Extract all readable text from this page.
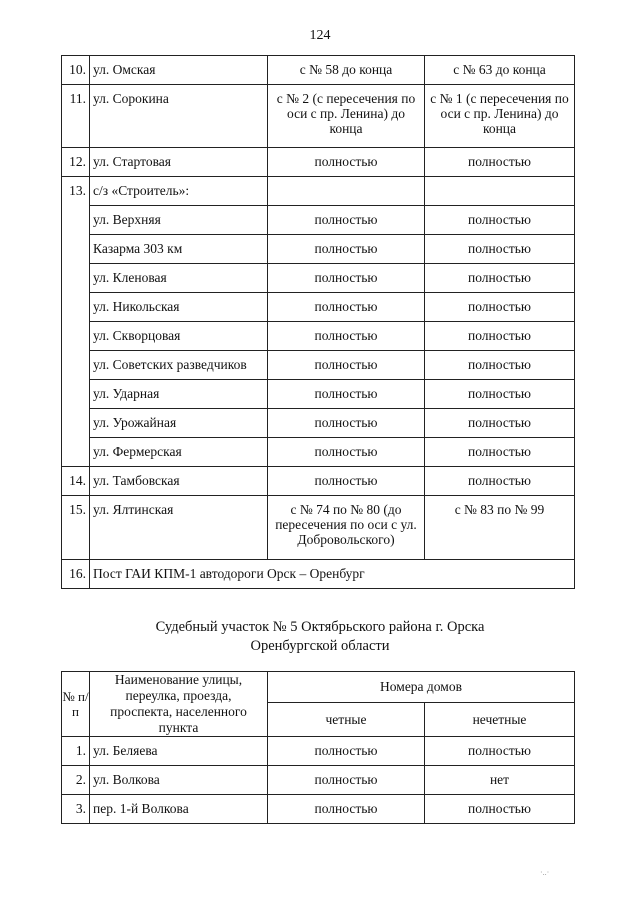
124
10.	ул. Омская	с № 58 до конца	с № 63 до конца
11.	ул. Сорокина	с № 2 (с пересечения по оси с пр. Ленина) до конца	с № 1 (с пересечения по оси с пр. Ленина) до конца
12.	ул. Стартовая	полностью	полностью
13.	с/з «Строитель»:		
	ул. Верхняя	полностью	полностью
	Казарма 303 км	полностью	полностью
	ул. Кленовая	полностью	полностью
	ул. Никольская	полностью	полностью
	ул. Скворцовая	полностью	полностью
	ул. Советских разведчиков	полностью	полностью
	ул. Ударная	полностью	полностью
	ул. Урожайная	полностью	полностью
	ул. Фермерская	полностью	полностью
14.	ул. Тамбовская	полностью	полностью
15.	ул. Ялтинская	с № 74 по № 80 (до пересечения по оси с ул. Добровольского)	с № 83 по № 99
16.	Пост ГАИ КПМ-1 автодороги Орск – Оренбург		
Судебный участок № 5 Октябрьского района г. Орска
Оренбургской области
№ п/п	Наименование улицы, переулка, проезда, проспекта, населенного пункта	Номера домов	
		четные	нечетные
1.	ул. Беляева	полностью	полностью
2.	ул. Волкова	полностью	нет
3.	пер. 1-й Волкова	полностью	полностью
·..·
